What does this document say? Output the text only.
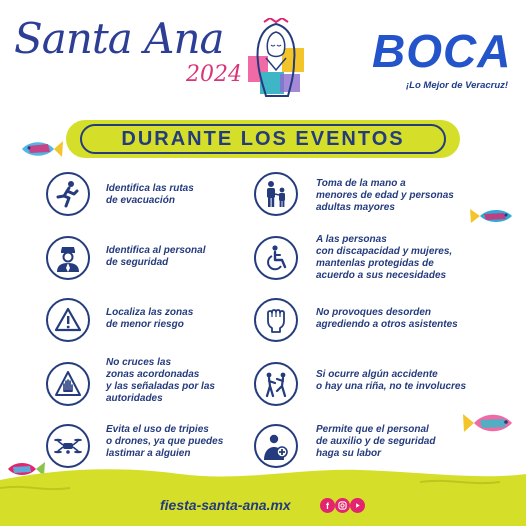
Santa Ana
2024	BOCA
¡Lo Mejor de Veracruz!
DURANTE LOS EVENTOS
Identifica las rutas
de evacuación
Identifica al personal
de seguridad
Localiza las zonas
de menor riesgo
No cruces las
zonas acordonadas
y las señaladas por las
autoridades
Evita el uso de tripies
o drones, ya que puedes
lastimar a alguien
Toma de la mano a
menores de edad y personas
adultas mayores
A las personas
con discapacidad y mujeres,
mantenlas protegidas de
acuerdo a sus necesidades
No provoques desorden
agrediendo a otros asistentes
Si ocurre algún accidente
o hay una riña, no te involucres
Permite que el personal
de auxilio y de seguridad
haga su labor
fiesta-santa-ana.mx	f
